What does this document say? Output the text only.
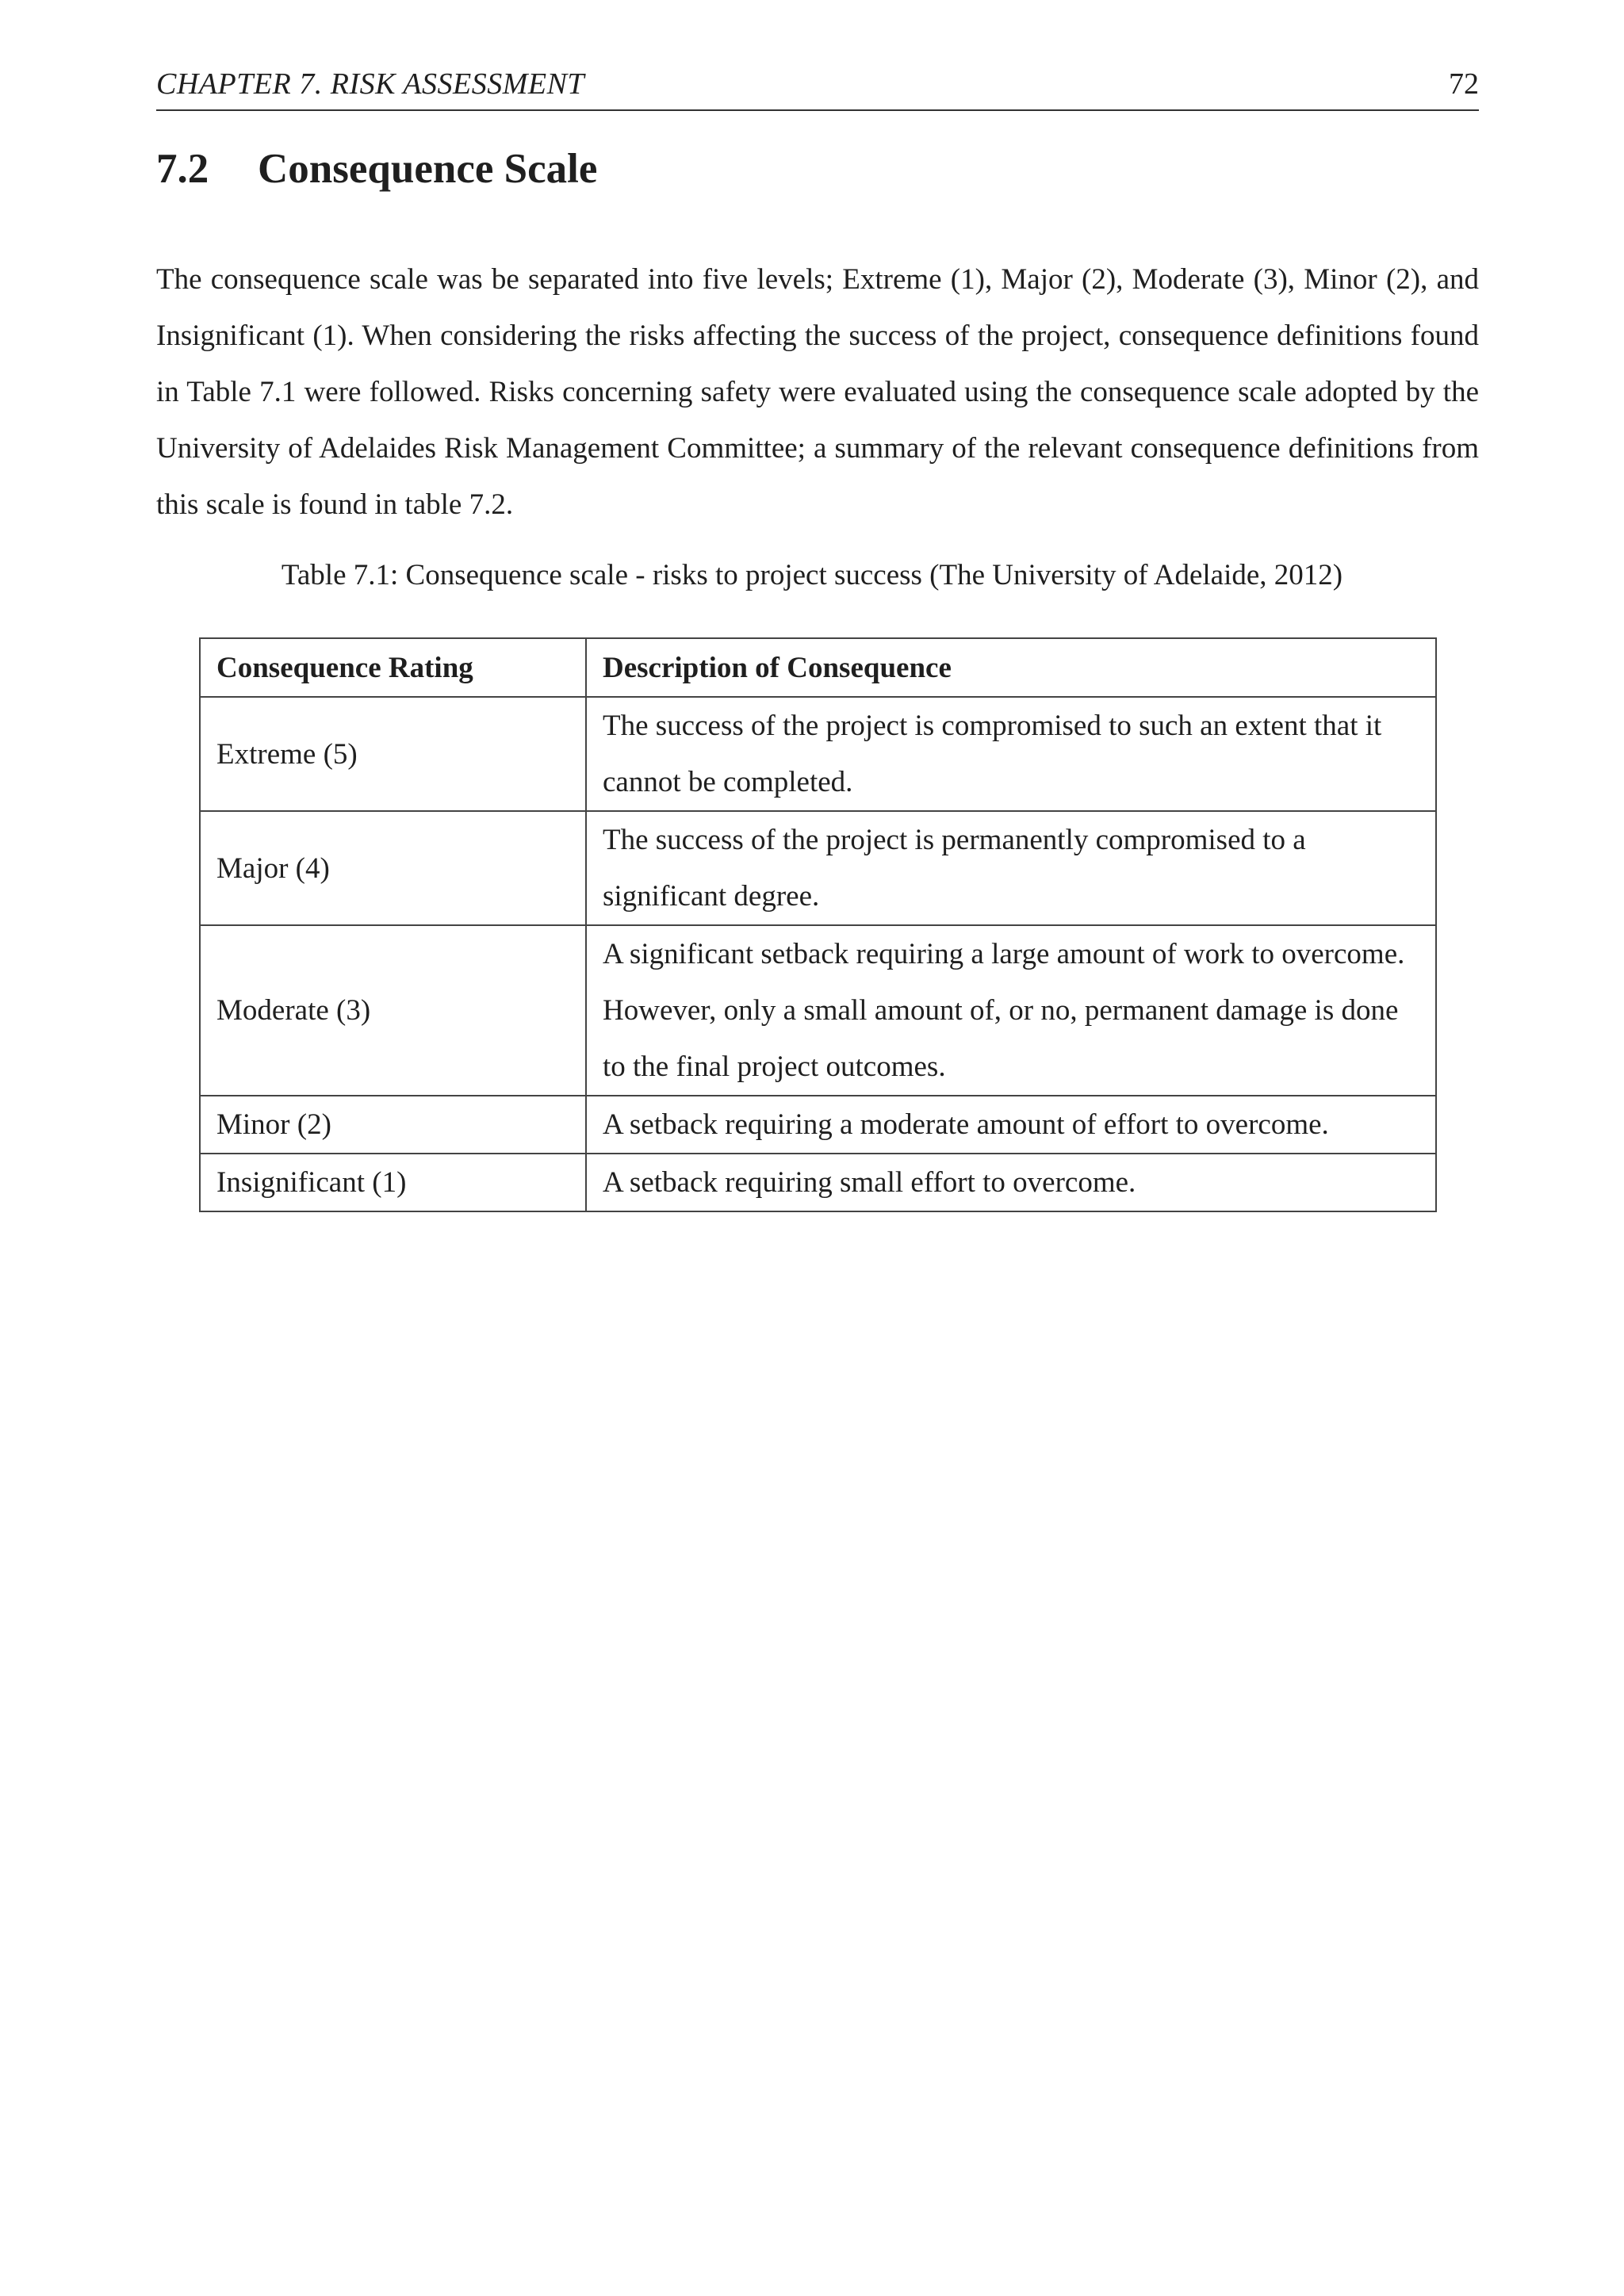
CHAPTER 7. RISK ASSESSMENT	72
7.2 Consequence Scale

The consequence scale was be separated into five levels; Extreme (1), Major (2), Moderate (3), Minor (2), and Insignificant (1). When considering the risks affecting the success of the project, consequence definitions found in Table 7.1 were followed. Risks concerning safety were evaluated using the consequence scale adopted by the University of Adelaides Risk Management Committee; a summary of the relevant consequence definitions from this scale is found in table 7.2.

Table 7.1: Consequence scale - risks to project success (The University of Adelaide, 2012)
Consequence Rating	Description of Consequence
Extreme (5)	The success of the project is compromised to such an extent that it cannot be completed.
Major (4)	The success of the project is permanently compromised to a significant degree.
Moderate (3)	A significant setback requiring a large amount of work to overcome. However, only a small amount of, or no, permanent damage is done to the final project outcomes.
Minor (2)	A setback requiring a moderate amount of effort to overcome.
Insignificant (1)	A setback requiring small effort to overcome.
